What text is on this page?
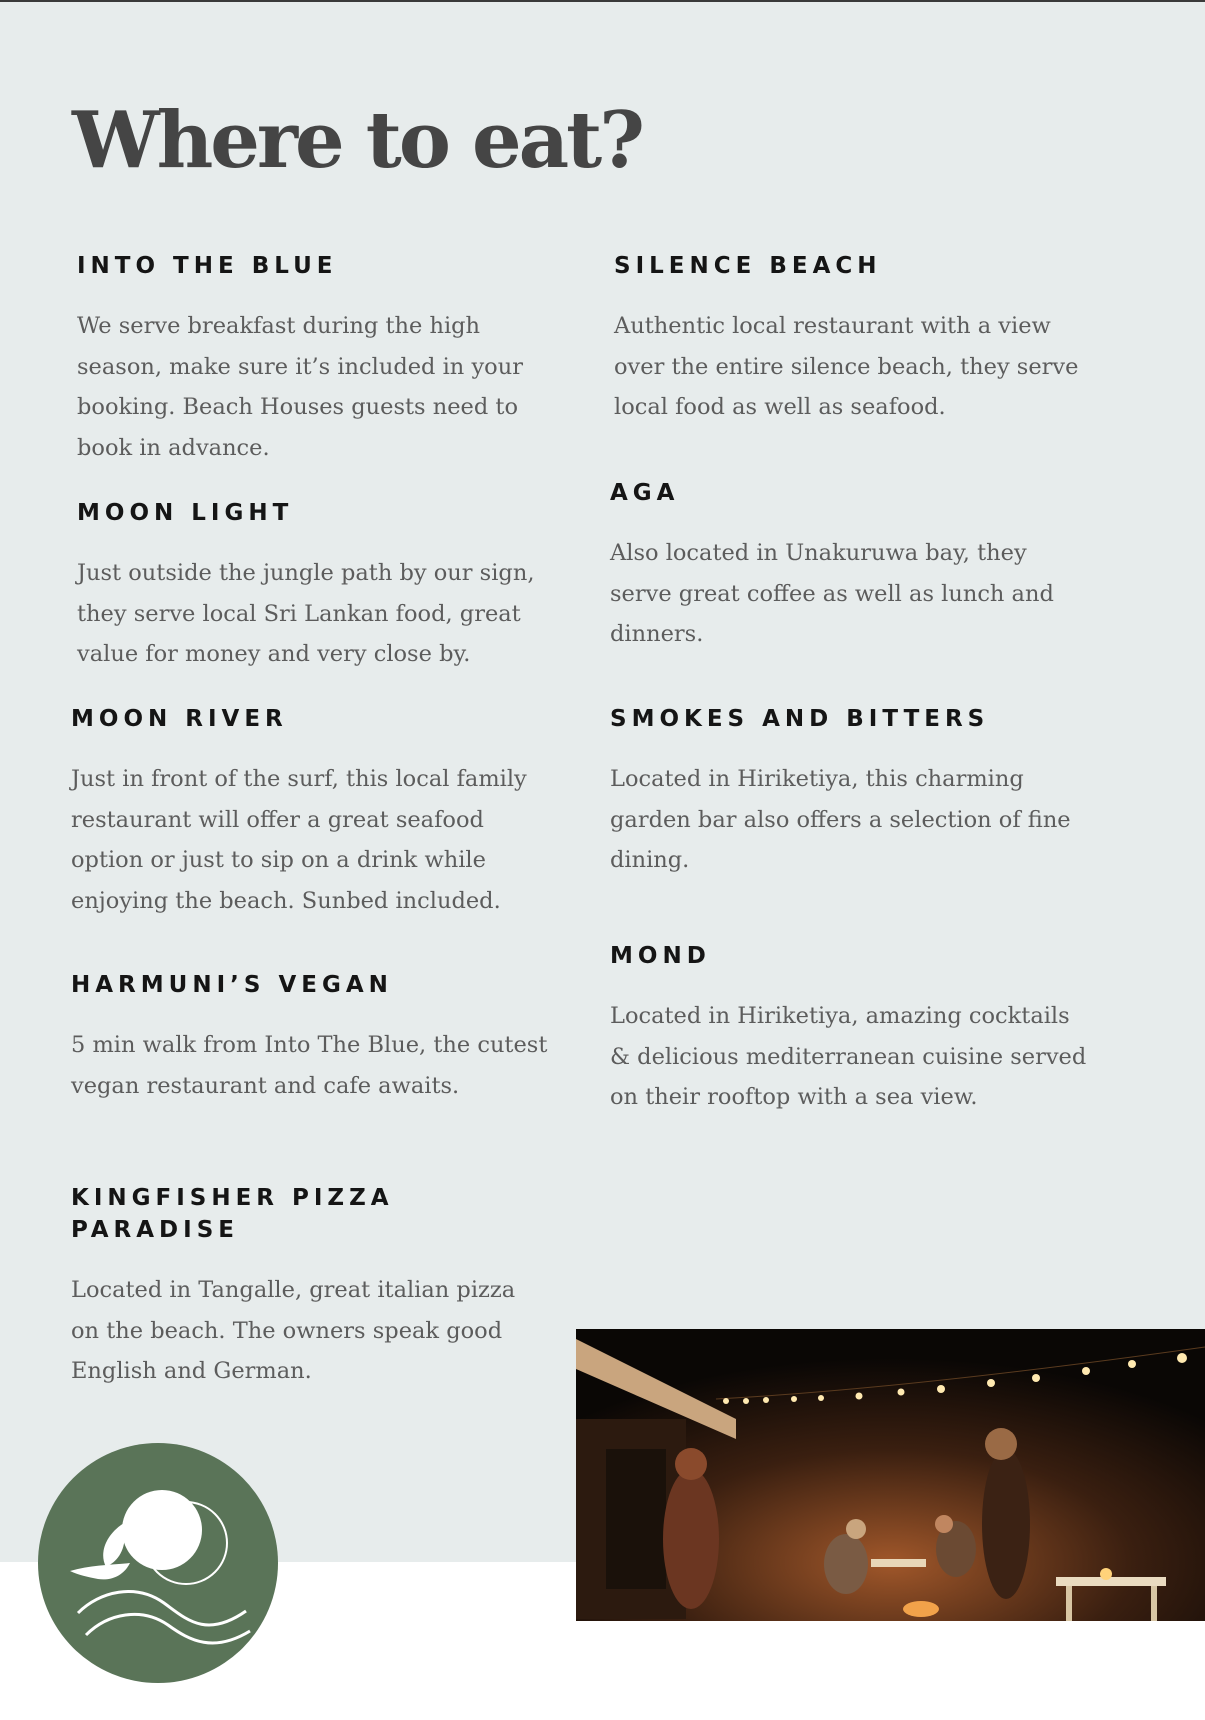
Where to eat?
INTO THE BLUE

We serve breakfast during the high season, make sure it’s included in your booking. Beach Houses guests need to book in advance.

MOON LIGHT

Just outside the jungle path by our sign, they serve local Sri Lankan food, great value for money and very close by.

MOON RIVER

Just in front of the surf, this local family restaurant will offer a great seafood option or just to sip on a drink while enjoying the beach. Sunbed included.

HARMUNI’S VEGAN

5 min walk from Into The Blue, the cutest vegan restaurant and cafe awaits.

KINGFISHER PIZZA PARADISE

Located in Tangalle, great italian pizza on the beach. The owners speak good English and German.

SILENCE BEACH

Authentic local restaurant with a view over the entire silence beach, they serve local food as well as seafood.

AGA

Also located in Unakuruwa bay, they serve great coffee as well as lunch and dinners.

SMOKES AND BITTERS

Located in Hiriketiya, this charming garden bar also offers a selection of fine dining.

MOND

Located in Hiriketiya, amazing cocktails & delicious mediterranean cuisine served on their rooftop with a sea view.
